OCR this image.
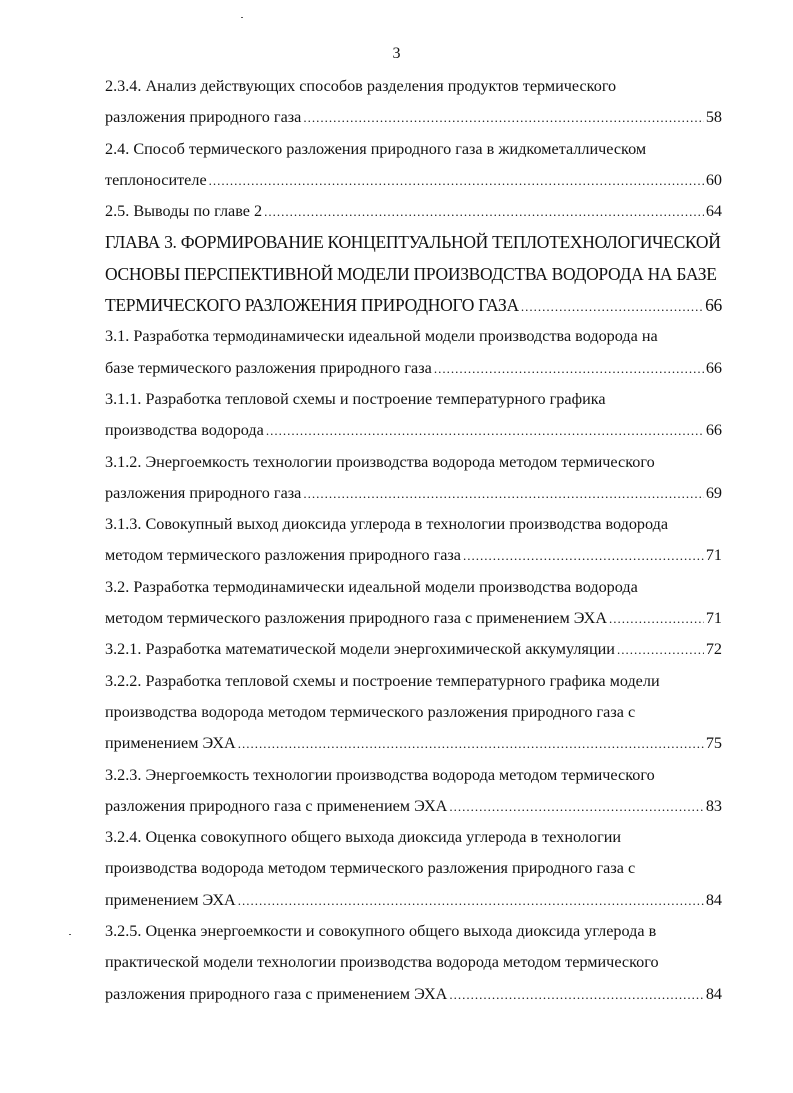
3
2.3.4. Анализ действующих способов разделения продуктов термического
разложения природного газа .....	58
2.4. Способ термического разложения природного газа в жидкометаллическом
теплоносителе .....	60
2.5. Выводы по главе 2 .....	64
ГЛАВА 3. ФОРМИРОВАНИЕ КОНЦЕПТУАЛЬНОЙ ТЕПЛОТЕХНОЛОГИЧЕСКОЙ
ОСНОВЫ ПЕРСПЕКТИВНОЙ МОДЕЛИ ПРОИЗВОДСТВА ВОДОРОДА НА БАЗЕ
ТЕРМИЧЕСКОГО РАЗЛОЖЕНИЯ ПРИРОДНОГО ГАЗА .....	66
3.1. Разработка термодинамически идеальной модели производства водорода на
базе термического разложения природного газа .....	66
3.1.1. Разработка тепловой схемы и построение температурного графика
производства водорода .....	66
3.1.2. Энергоемкость технологии производства водорода методом термического
разложения природного газа .....	69
3.1.3. Совокупный выход диоксида углерода в технологии производства водорода
методом термического разложения природного газа .....	71
3.2. Разработка термодинамически идеальной модели производства водорода
методом термического разложения природного газа с применением ЭХА .....	71
3.2.1. Разработка математической модели энергохимической аккумуляции .....	72
3.2.2. Разработка тепловой схемы и построение температурного графика модели
производства водорода методом термического разложения природного газа с
применением ЭХА .....	75
3.2.3. Энергоемкость технологии производства водорода методом термического
разложения природного газа с применением ЭХА .....	83
3.2.4. Оценка совокупного общего выхода диоксида углерода в технологии
производства водорода методом термического разложения природного газа с
применением ЭХА .....	84
3.2.5. Оценка энергоемкости и совокупного общего выхода диоксида углерода в
практической модели технологии производства водорода методом термического
разложения природного газа с применением ЭХА .....	84
